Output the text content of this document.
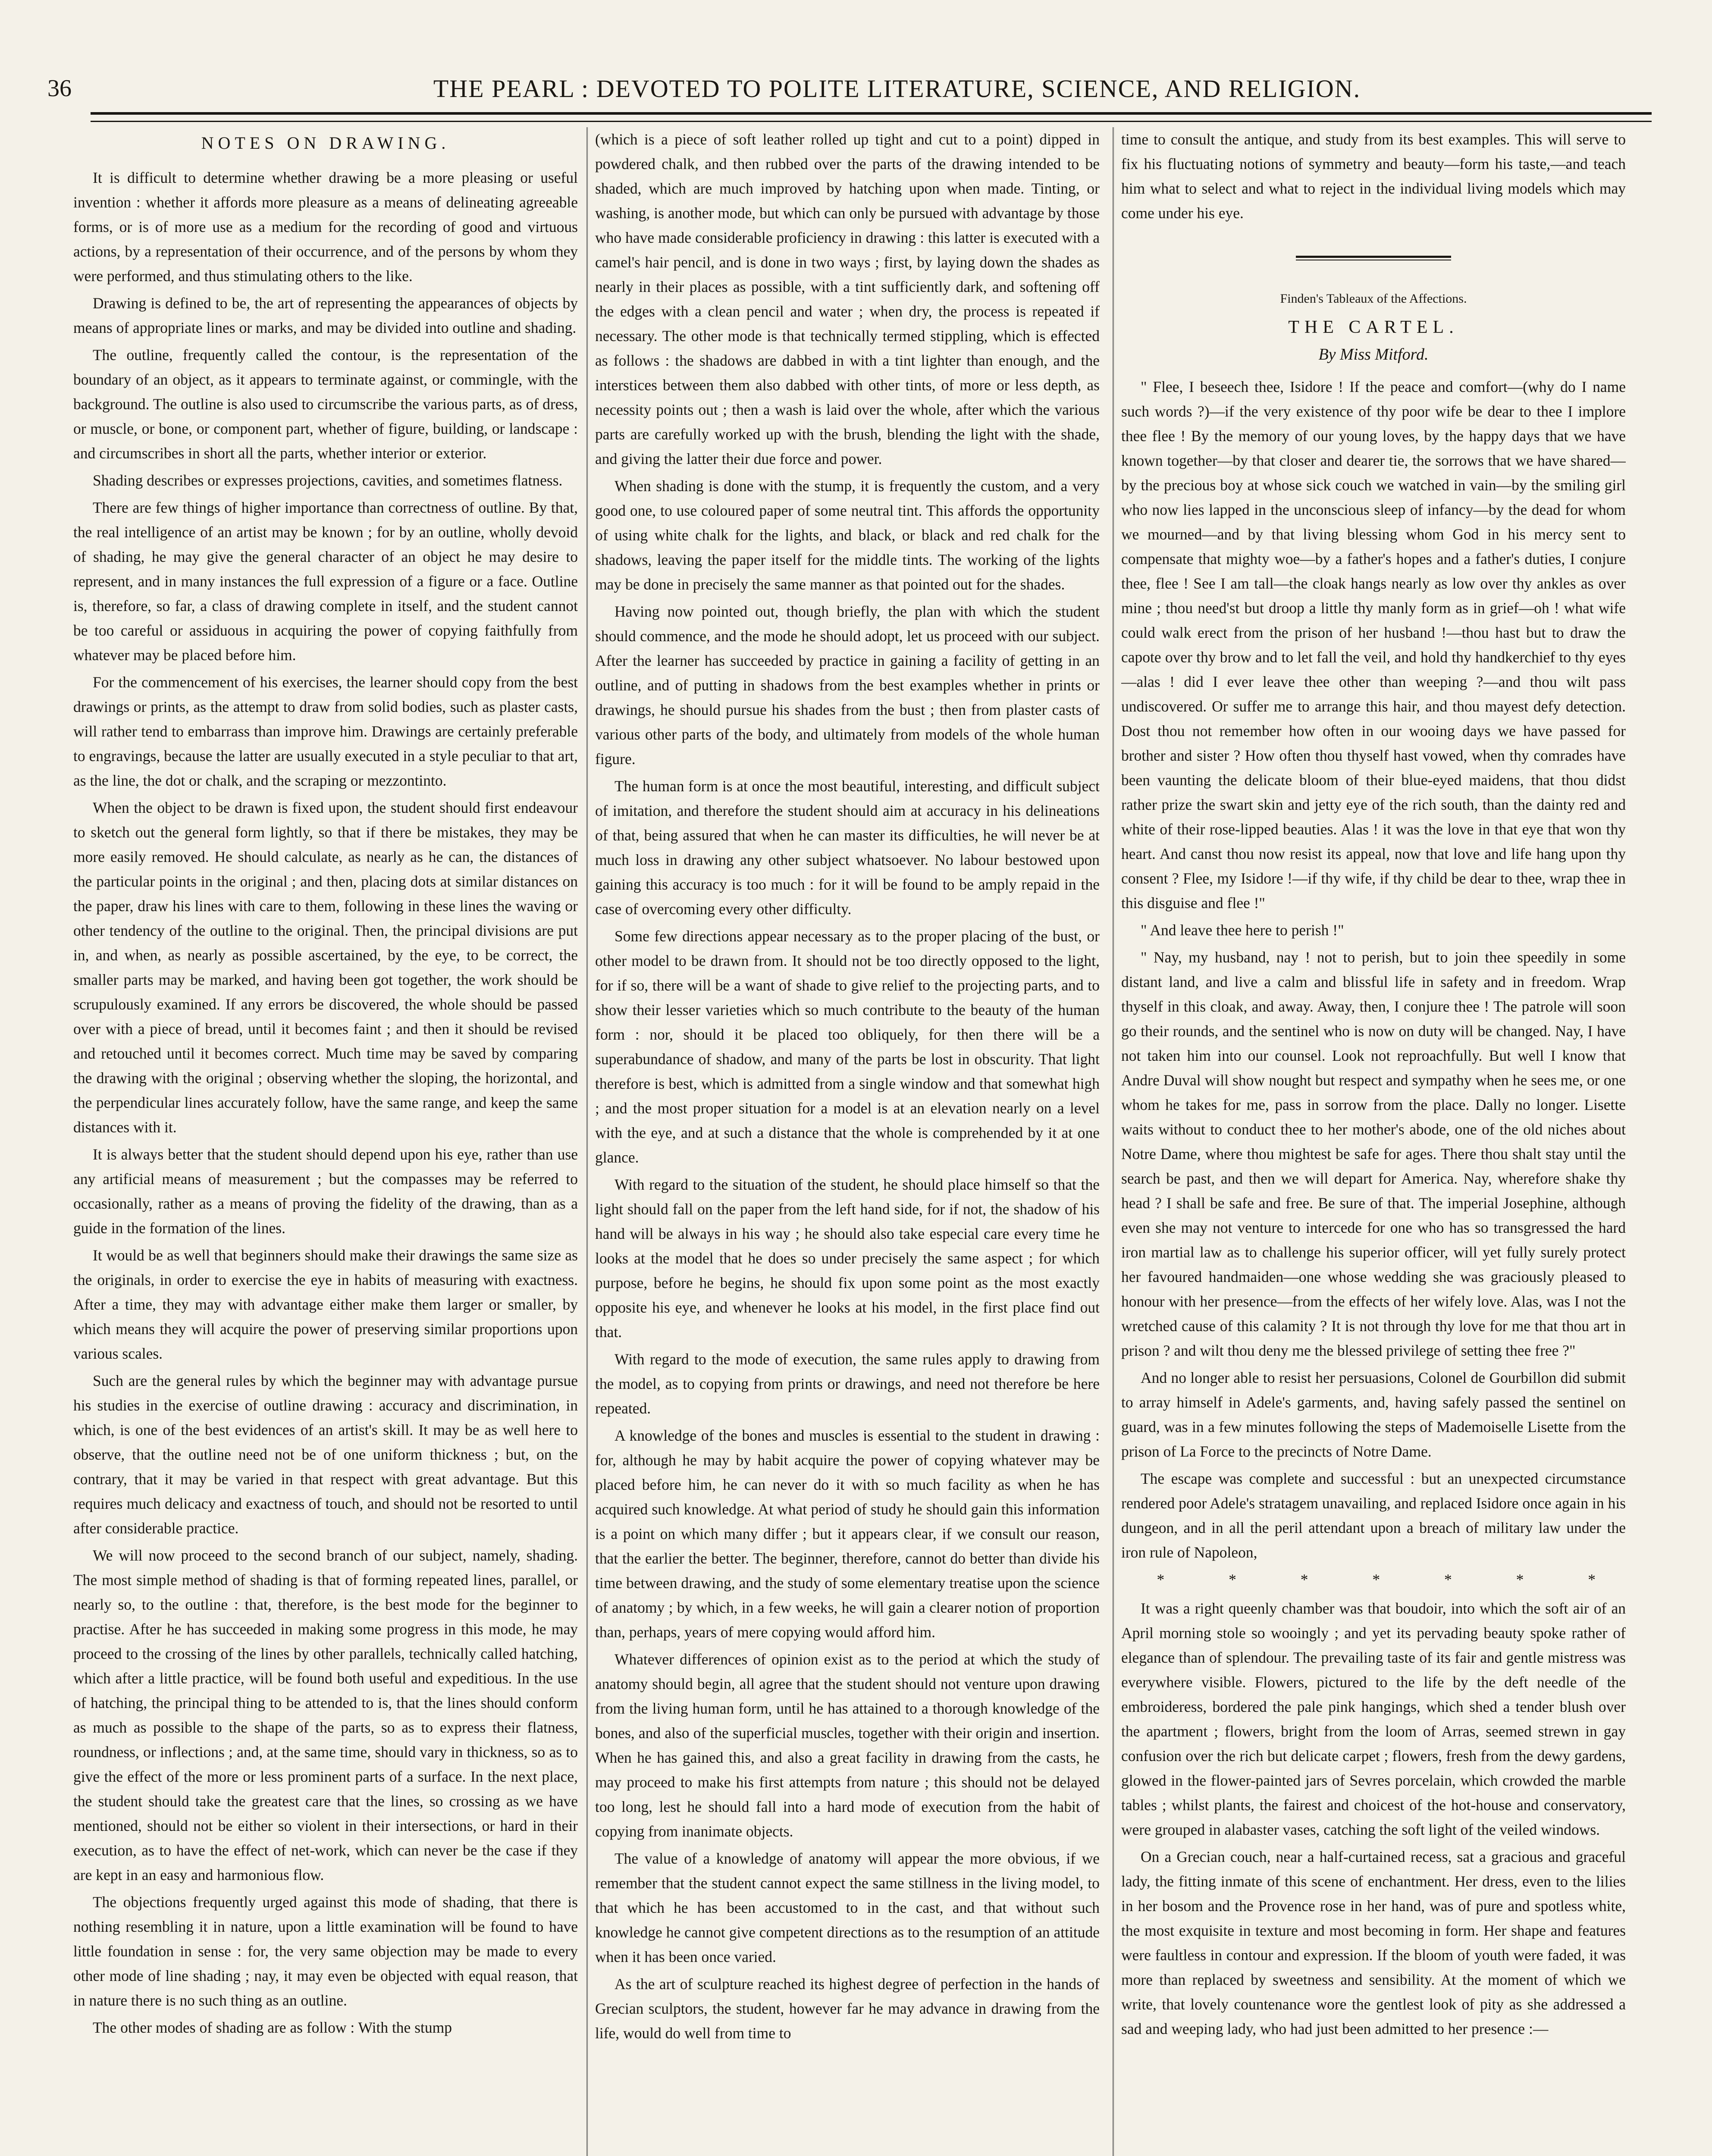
36	THE PEARL : DEVOTED TO POLITE LITERATURE, SCIENCE, AND RELIGION.
NOTES ON DRAWING.

It is difficult to determine whether drawing be a more pleasing or useful invention : whether it affords more pleasure as a means of delineating agreeable forms, or is of more use as a medium for the recording of good and virtuous actions, by a representation of their occurrence, and of the persons by whom they were performed, and thus stimulating others to the like.

Drawing is defined to be, the art of representing the appearances of objects by means of appropriate lines or marks, and may be divided into outline and shading.

The outline, frequently called the contour, is the representation of the boundary of an object, as it appears to terminate against, or commingle, with the background. The outline is also used to circumscribe the various parts, as of dress, or muscle, or bone, or component part, whether of figure, building, or landscape : and circumscribes in short all the parts, whether interior or exterior.

Shading describes or expresses projections, cavities, and sometimes flatness.

There are few things of higher importance than correctness of outline. By that, the real intelligence of an artist may be known ; for by an outline, wholly devoid of shading, he may give the general character of an object he may desire to represent, and in many instances the full expression of a figure or a face. Outline is, therefore, so far, a class of drawing complete in itself, and the student cannot be too careful or assiduous in acquiring the power of copying faithfully from whatever may be placed before him.

For the commencement of his exercises, the learner should copy from the best drawings or prints, as the attempt to draw from solid bodies, such as plaster casts, will rather tend to embarrass than improve him. Drawings are certainly preferable to engravings, because the latter are usually executed in a style peculiar to that art, as the line, the dot or chalk, and the scraping or mezzontinto.

When the object to be drawn is fixed upon, the student should first endeavour to sketch out the general form lightly, so that if there be mistakes, they may be more easily removed. He should calculate, as nearly as he can, the distances of the particular points in the original ; and then, placing dots at similar distances on the paper, draw his lines with care to them, following in these lines the waving or other tendency of the outline to the original. Then, the principal divisions are put in, and when, as nearly as possible ascertained, by the eye, to be correct, the smaller parts may be marked, and having been got together, the work should be scrupulously examined. If any errors be discovered, the whole should be passed over with a piece of bread, until it becomes faint ; and then it should be revised and retouched until it becomes correct. Much time may be saved by comparing the drawing with the original ; observing whether the sloping, the horizontal, and the perpendicular lines accurately follow, have the same range, and keep the same distances with it.

It is always better that the student should depend upon his eye, rather than use any artificial means of measurement ; but the compasses may be referred to occasionally, rather as a means of proving the fidelity of the drawing, than as a guide in the formation of the lines.

It would be as well that beginners should make their drawings the same size as the originals, in order to exercise the eye in habits of measuring with exactness. After a time, they may with advantage either make them larger or smaller, by which means they will acquire the power of preserving similar proportions upon various scales.

Such are the general rules by which the beginner may with advantage pursue his studies in the exercise of outline drawing : accuracy and discrimination, in which, is one of the best evidences of an artist's skill. It may be as well here to observe, that the outline need not be of one uniform thickness ; but, on the contrary, that it may be varied in that respect with great advantage. But this requires much delicacy and exactness of touch, and should not be resorted to until after considerable practice.

We will now proceed to the second branch of our subject, namely, shading. The most simple method of shading is that of forming repeated lines, parallel, or nearly so, to the outline : that, therefore, is the best mode for the beginner to practise. After he has succeeded in making some progress in this mode, he may proceed to the crossing of the lines by other parallels, technically called hatching, which after a little practice, will be found both useful and expeditious. In the use of hatching, the principal thing to be attended to is, that the lines should conform as much as possible to the shape of the parts, so as to express their flatness, roundness, or inflections ; and, at the same time, should vary in thickness, so as to give the effect of the more or less prominent parts of a surface. In the next place, the student should take the greatest care that the lines, so crossing as we have mentioned, should not be either so violent in their intersections, or hard in their execution, as to have the effect of net-work, which can never be the case if they are kept in an easy and harmonious flow.

The objections frequently urged against this mode of shading, that there is nothing resembling it in nature, upon a little examination will be found to have little foundation in sense : for, the very same objection may be made to every other mode of line shading ; nay, it may even be objected with equal reason, that in nature there is no such thing as an outline.

The other modes of shading are as follow : With the stump

(which is a piece of soft leather rolled up tight and cut to a point) dipped in powdered chalk, and then rubbed over the parts of the drawing intended to be shaded, which are much improved by hatching upon when made. Tinting, or washing, is another mode, but which can only be pursued with advantage by those who have made considerable proficiency in drawing : this latter is executed with a camel's hair pencil, and is done in two ways ; first, by laying down the shades as nearly in their places as possible, with a tint sufficiently dark, and softening off the edges with a clean pencil and water ; when dry, the process is repeated if necessary. The other mode is that technically termed stippling, which is effected as follows : the shadows are dabbed in with a tint lighter than enough, and the interstices between them also dabbed with other tints, of more or less depth, as necessity points out ; then a wash is laid over the whole, after which the various parts are carefully worked up with the brush, blending the light with the shade, and giving the latter their due force and power.

When shading is done with the stump, it is frequently the custom, and a very good one, to use coloured paper of some neutral tint. This affords the opportunity of using white chalk for the lights, and black, or black and red chalk for the shadows, leaving the paper itself for the middle tints. The working of the lights may be done in precisely the same manner as that pointed out for the shades.

Having now pointed out, though briefly, the plan with which the student should commence, and the mode he should adopt, let us proceed with our subject. After the learner has succeeded by practice in gaining a facility of getting in an outline, and of putting in shadows from the best examples whether in prints or drawings, he should pursue his shades from the bust ; then from plaster casts of various other parts of the body, and ultimately from models of the whole human figure.

The human form is at once the most beautiful, interesting, and difficult subject of imitation, and therefore the student should aim at accuracy in his delineations of that, being assured that when he can master its difficulties, he will never be at much loss in drawing any other subject whatsoever. No labour bestowed upon gaining this accuracy is too much : for it will be found to be amply repaid in the case of overcoming every other difficulty.

Some few directions appear necessary as to the proper placing of the bust, or other model to be drawn from. It should not be too directly opposed to the light, for if so, there will be a want of shade to give relief to the projecting parts, and to show their lesser varieties which so much contribute to the beauty of the human form : nor, should it be placed too obliquely, for then there will be a superabundance of shadow, and many of the parts be lost in obscurity. That light therefore is best, which is admitted from a single window and that somewhat high ; and the most proper situation for a model is at an elevation nearly on a level with the eye, and at such a distance that the whole is comprehended by it at one glance.

With regard to the situation of the student, he should place himself so that the light should fall on the paper from the left hand side, for if not, the shadow of his hand will be always in his way ; he should also take especial care every time he looks at the model that he does so under precisely the same aspect ; for which purpose, before he begins, he should fix upon some point as the most exactly opposite his eye, and whenever he looks at his model, in the first place find out that.

With regard to the mode of execution, the same rules apply to drawing from the model, as to copying from prints or drawings, and need not therefore be here repeated.

A knowledge of the bones and muscles is essential to the student in drawing : for, although he may by habit acquire the power of copying whatever may be placed before him, he can never do it with so much facility as when he has acquired such knowledge. At what period of study he should gain this information is a point on which many differ ; but it appears clear, if we consult our reason, that the earlier the better. The beginner, therefore, cannot do better than divide his time between drawing, and the study of some elementary treatise upon the science of anatomy ; by which, in a few weeks, he will gain a clearer notion of proportion than, perhaps, years of mere copying would afford him.

Whatever differences of opinion exist as to the period at which the study of anatomy should begin, all agree that the student should not venture upon drawing from the living human form, until he has attained to a thorough knowledge of the bones, and also of the superficial muscles, together with their origin and insertion. When he has gained this, and also a great facility in drawing from the casts, he may proceed to make his first attempts from nature ; this should not be delayed too long, lest he should fall into a hard mode of execution from the habit of copying from inanimate objects.

The value of a knowledge of anatomy will appear the more obvious, if we remember that the student cannot expect the same stillness in the living model, to that which he has been accustomed to in the cast, and that without such knowledge he cannot give competent directions as to the resumption of an attitude when it has been once varied.

As the art of sculpture reached its highest degree of perfection in the hands of Grecian sculptors, the student, however far he may advance in drawing from the life, would do well from time to

time to consult the antique, and study from its best examples. This will serve to fix his fluctuating notions of symmetry and beauty—form his taste,—and teach him what to select and what to reject in the individual living models which may come under his eye.

Finden's Tableaux of the Affections.
THE CARTEL.
By Miss Mitford.

" Flee, I beseech thee, Isidore ! If the peace and comfort—(why do I name such words ?)—if the very existence of thy poor wife be dear to thee I implore thee flee ! By the memory of our young loves, by the happy days that we have known together—by that closer and dearer tie, the sorrows that we have shared—by the precious boy at whose sick couch we watched in vain—by the smiling girl who now lies lapped in the unconscious sleep of infancy—by the dead for whom we mourned—and by that living blessing whom God in his mercy sent to compensate that mighty woe—by a father's hopes and a father's duties, I conjure thee, flee ! See I am tall—the cloak hangs nearly as low over thy ankles as over mine ; thou need'st but droop a little thy manly form as in grief—oh ! what wife could walk erect from the prison of her husband !—thou hast but to draw the capote over thy brow and to let fall the veil, and hold thy handkerchief to thy eyes—alas ! did I ever leave thee other than weeping ?—and thou wilt pass undiscovered. Or suffer me to arrange this hair, and thou mayest defy detection. Dost thou not remember how often in our wooing days we have passed for brother and sister ? How often thou thyself hast vowed, when thy comrades have been vaunting the delicate bloom of their blue-eyed maidens, that thou didst rather prize the swart skin and jetty eye of the rich south, than the dainty red and white of their rose-lipped beauties. Alas ! it was the love in that eye that won thy heart. And canst thou now resist its appeal, now that love and life hang upon thy consent ? Flee, my Isidore !—if thy wife, if thy child be dear to thee, wrap thee in this disguise and flee !"

" And leave thee here to perish !"

" Nay, my husband, nay ! not to perish, but to join thee speedily in some distant land, and live a calm and blissful life in safety and in freedom. Wrap thyself in this cloak, and away. Away, then, I conjure thee ! The patrole will soon go their rounds, and the sentinel who is now on duty will be changed. Nay, I have not taken him into our counsel. Look not reproachfully. But well I know that Andre Duval will show nought but respect and sympathy when he sees me, or one whom he takes for me, pass in sorrow from the place. Dally no longer. Lisette waits without to conduct thee to her mother's abode, one of the old niches about Notre Dame, where thou mightest be safe for ages. There thou shalt stay until the search be past, and then we will depart for America. Nay, wherefore shake thy head ? I shall be safe and free. Be sure of that. The imperial Josephine, although even she may not venture to intercede for one who has so transgressed the hard iron martial law as to challenge his superior officer, will yet fully surely protect her favoured handmaiden—one whose wedding she was graciously pleased to honour with her presence—from the effects of her wifely love. Alas, was I not the wretched cause of this calamity ? It is not through thy love for me that thou art in prison ? and wilt thou deny me the blessed privilege of setting thee free ?"

And no longer able to resist her persuasions, Colonel de Gourbillon did submit to array himself in Adele's garments, and, having safely passed the sentinel on guard, was in a few minutes following the steps of Mademoiselle Lisette from the prison of La Force to the precincts of Notre Dame.

The escape was complete and successful : but an unexpected circumstance rendered poor Adele's stratagem unavailing, and replaced Isidore once again in his dungeon, and in all the peril attendant upon a breach of military law under the iron rule of Napoleon,

* * * * * * *

It was a right queenly chamber was that boudoir, into which the soft air of an April morning stole so wooingly ; and yet its pervading beauty spoke rather of elegance than of splendour. The prevailing taste of its fair and gentle mistress was everywhere visible. Flowers, pictured to the life by the deft needle of the embroideress, bordered the pale pink hangings, which shed a tender blush over the apartment ; flowers, bright from the loom of Arras, seemed strewn in gay confusion over the rich but delicate carpet ; flowers, fresh from the dewy gardens, glowed in the flower-painted jars of Sevres porcelain, which crowded the marble tables ; whilst plants, the fairest and choicest of the hot-house and conservatory, were grouped in alabaster vases, catching the soft light of the veiled windows.

On a Grecian couch, near a half-curtained recess, sat a gracious and graceful lady, the fitting inmate of this scene of enchantment. Her dress, even to the lilies in her bosom and the Provence rose in her hand, was of pure and spotless white, the most exquisite in texture and most becoming in form. Her shape and features were faultless in contour and expression. If the bloom of youth were faded, it was more than replaced by sweetness and sensibility. At the moment of which we write, that lovely countenance wore the gentlest look of pity as she addressed a sad and weeping lady, who had just been admitted to her presence :—
